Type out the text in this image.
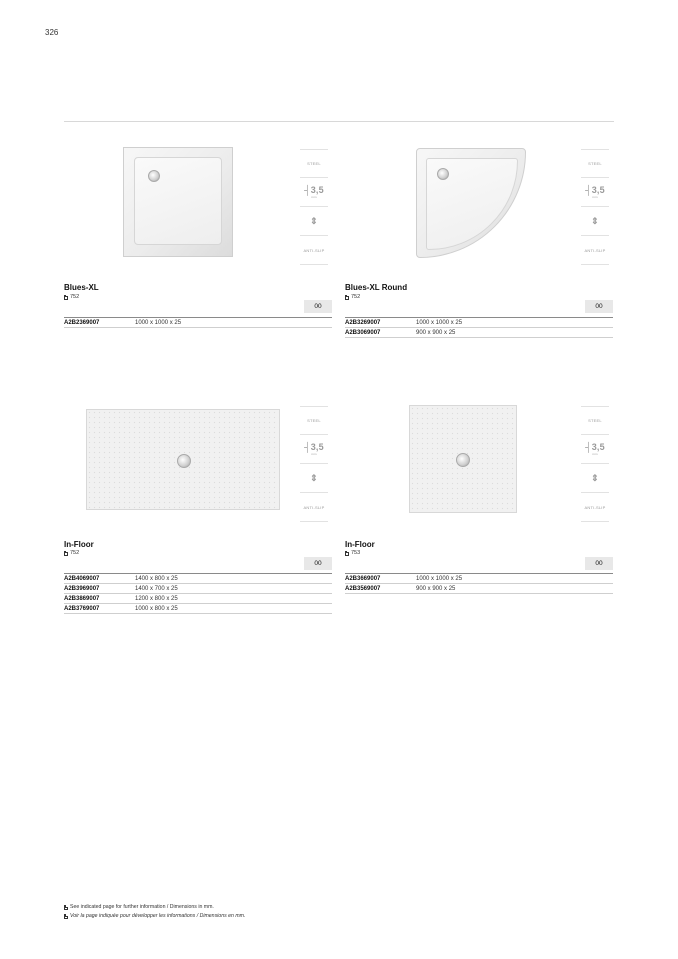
326
STEEL
┤3,5
mm
⇕
ANTI-SLIP
Blues-XL
752
00
A2B2369007	1000 x 1000 x 25
STEEL
┤3,5
mm
⇕
ANTI-SLIP
Blues-XL Round
752
00
A2B3269007	1000 x 1000 x 25
A2B3069007	900 x 900 x 25
STEEL
┤3,5
mm
⇕
ANTI-SLIP
In-Floor
752
00
A2B4069007	1400 x 800 x 25
A2B3969007	1400 x 700 x 25
A2B3869007	1200 x 800 x 25
A2B3769007	1000 x 800 x 25
STEEL
┤3,5
mm
⇕
ANTI-SLIP
In-Floor
753
00
A2B3669007	1000 x 1000 x 25
A2B3569007	900 x 900 x 25
See indicated page for further information / Dimensions in mm.
Voir la page indiquée pour développer les informations / Dimensions en mm.
